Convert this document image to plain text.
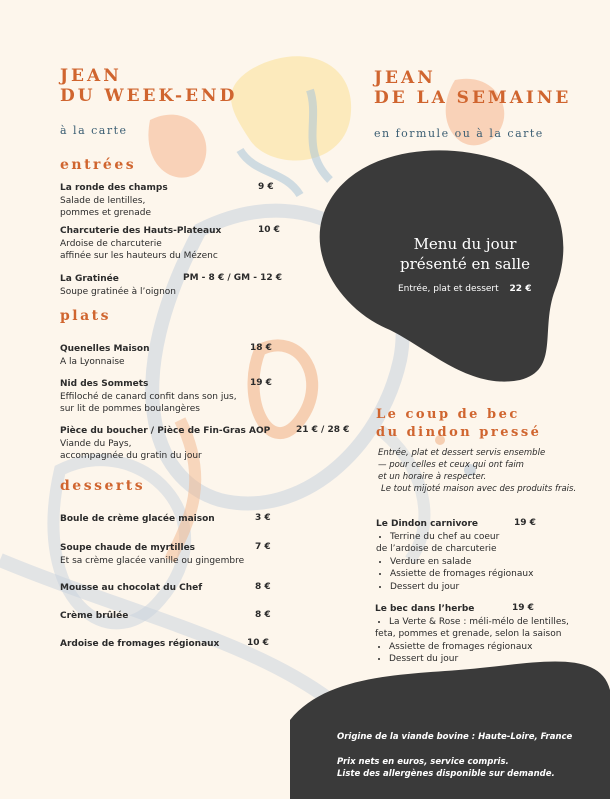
JEAN
DU WEEK-END
à la carte
entrées
La ronde des champs
Salade de lentilles,
pommes et grenade
9 €
Charcuterie des Hauts-Plateaux
Ardoise de charcuterie
affinée sur les hauteurs du Mézenc
10 €
La Gratinée
Soupe gratinée à l’oignon
PM - 8 € / GM - 12 €
plats
Quenelles Maison
A la Lyonnaise
18 €
Nid des Sommets
Effiloché de canard confit dans son jus,
sur lit de pommes boulangères
19 €
Pièce du boucher / Pièce de Fin-Gras AOP
Viande du Pays,
accompagnée du gratin du jour
21 € / 28 €
desserts
Boule de crème glacée maison	3 €
Soupe chaude de myrtilles
Et sa crème glacée vanille ou gingembre
7 €
Mousse au chocolat du Chef	8 €
Crème brûlée	8 €
Ardoise de fromages régionaux	10 €
JEAN
DE LA SEMAINE
en formule ou à la carte
Menu du jour
présenté en salle
Entrée, plat et dessert 22 €
Le coup de bec
du dindon pressé
Entrée, plat et dessert servis ensemble
— pour celles et ceux qui ont faim
et un horaire à respecter.
Le tout mijoté maison avec des produits frais.
Le Dindon carnivore
• Terrine du chef au coeur
de l’ardoise de charcuterie
• Verdure en salade
• Assiette de fromages régionaux
• Dessert du jour
19 €
Le bec dans l’herbe
• La Verte & Rose : méli-mélo de lentilles,
feta, pommes et grenade, selon la saison
• Assiette de fromages régionaux
• Dessert du jour
19 €
Origine de la viande bovine : Haute-Loire, France
Prix nets en euros, service compris.
Liste des allergènes disponible sur demande.
